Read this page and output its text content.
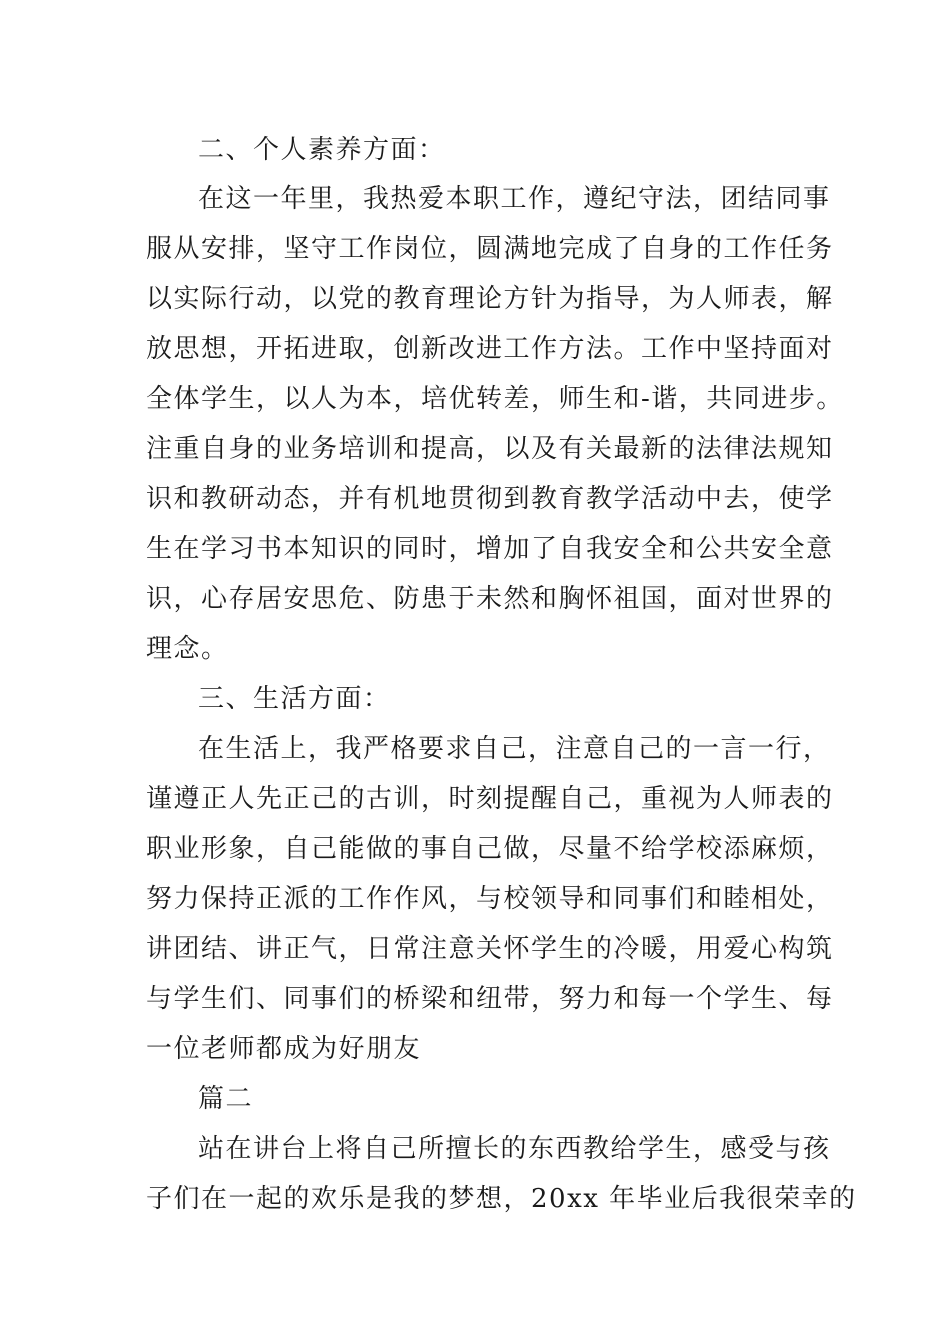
二、个人素养方面：
在这一年里，我热爱本职工作，遵纪守法，团结同事
服从安排，坚守工作岗位，圆满地完成了自身的工作任务
以实际行动，以党的教育理论方针为指导，为人师表，解
放思想，开拓进取，创新改进工作方法。工作中坚持面对
全体学生，以人为本，培优转差，师生和-谐，共同进步。
注重自身的业务培训和提高，以及有关最新的法律法规知
识和教研动态，并有机地贯彻到教育教学活动中去，使学
生在学习书本知识的同时，增加了自我安全和公共安全意
识，心存居安思危、防患于未然和胸怀祖国，面对世界的
理念。
三、生活方面：
在生活上，我严格要求自己，注意自己的一言一行，
谨遵正人先正己的古训，时刻提醒自己，重视为人师表的
职业形象，自己能做的事自己做，尽量不给学校添麻烦，
努力保持正派的工作作风，与校领导和同事们和睦相处，
讲团结、讲正气，日常注意关怀学生的冷暖，用爱心构筑
与学生们、同事们的桥梁和纽带，努力和每一个学生、每
一位老师都成为好朋友
篇二
站在讲台上将自己所擅长的东西教给学生，感受与孩
子们在一起的欢乐是我的梦想，20xx 年毕业后我很荣幸的
